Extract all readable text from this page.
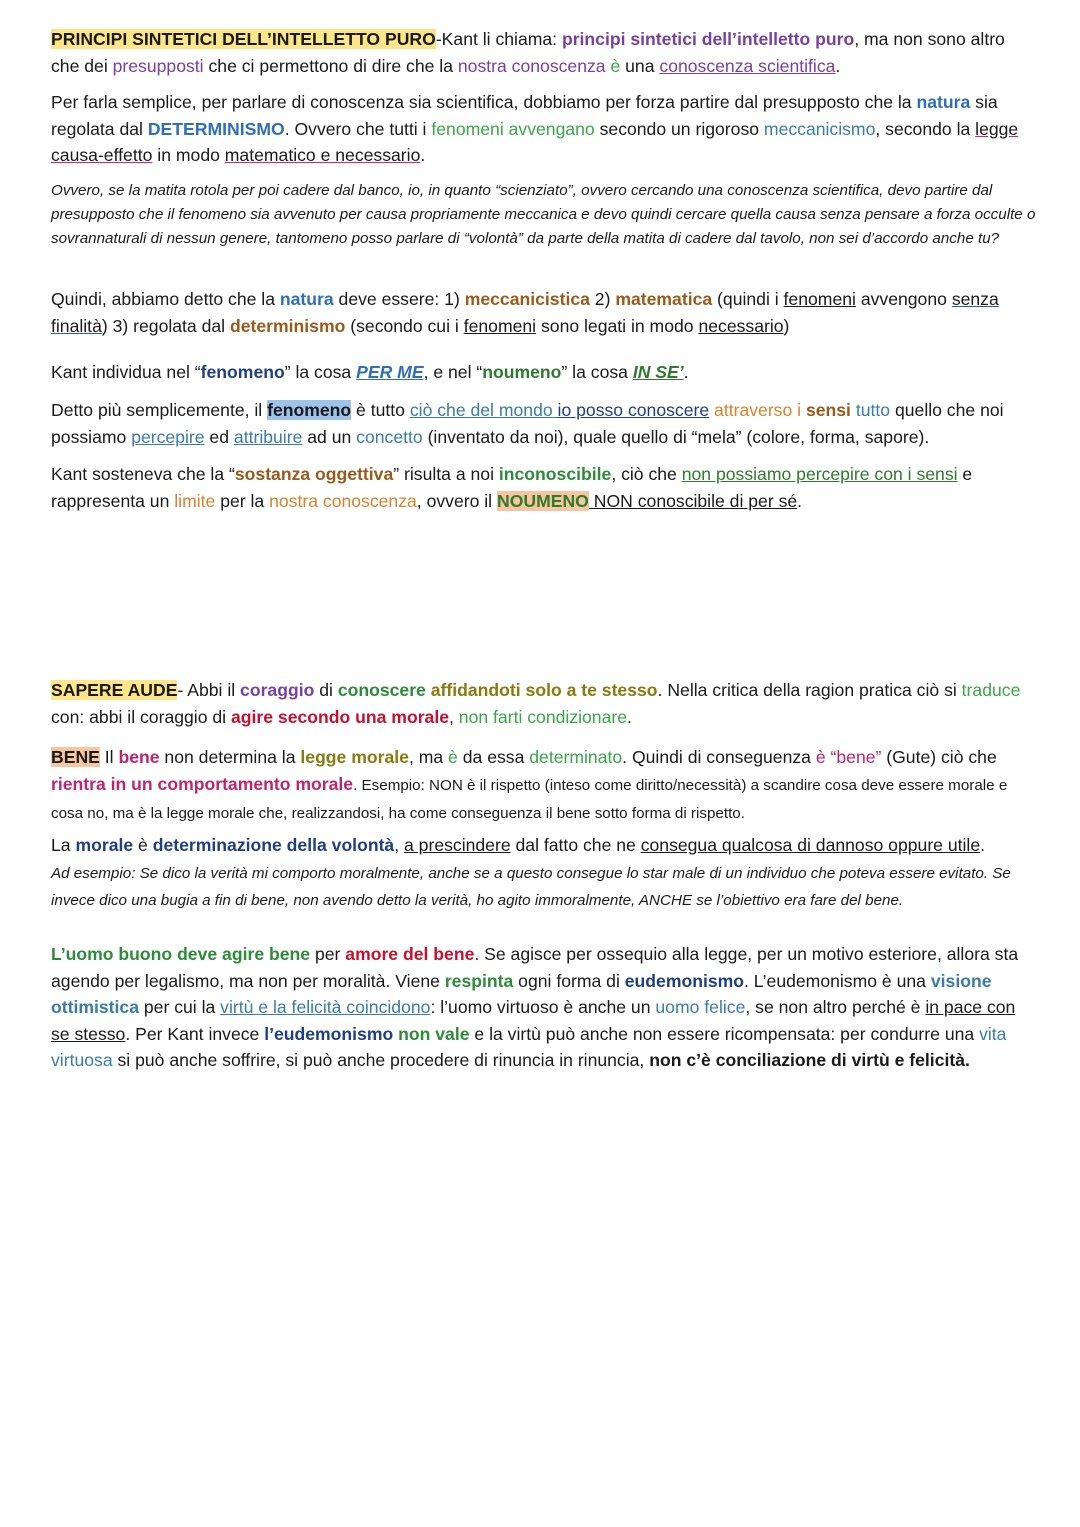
PRINCIPI SINTETICI DELL’INTELLETTO PURO-Kant li chiama: principi sintetici dell’intelletto puro, ma non sono altro che dei presupposti che ci permettono di dire che la nostra conoscenza è una conoscenza scientifica.
Per farla semplice, per parlare di conoscenza sia scientifica, dobbiamo per forza partire dal presupposto che la natura sia regolata dal DETERMINISMO. Ovvero che tutti i fenomeni avvengano secondo un rigoroso meccanicismo, secondo la legge causa-effetto in modo matematico e necessario.
Ovvero, se la matita rotola per poi cadere dal banco, io, in quanto “scienziato”, ovvero cercando una conoscenza scientifica, devo partire dal presupposto che il fenomeno sia avvenuto per causa propriamente meccanica e devo quindi cercare quella causa senza pensare a forza occulte o sovrannaturali di nessun genere, tantomeno posso parlare di “volontà” da parte della matita di cadere dal tavolo, non sei d’accordo anche tu?
Quindi, abbiamo detto che la natura deve essere: 1) meccanicistica 2) matematica (quindi i fenomeni avvengono senza finalità) 3) regolata dal determinismo (secondo cui i fenomeni sono legati in modo necessario)
Kant individua nel “fenomeno” la cosa PER ME, e nel “noumeno” la cosa IN SE’.
Detto più semplicemente, il fenomeno è tutto ciò che del mondo io posso conoscere attraverso i sensi tutto quello che noi possiamo percepire ed attribuire ad un concetto (inventato da noi), quale quello di “mela” (colore, forma, sapore).
Kant sosteneva che la “sostanza oggettiva” risulta a noi inconoscibile, ciò che non possiamo percepire con i sensi e rappresenta un limite per la nostra conoscenza, ovvero il NOUMENO NON conoscibile di per sé.
SAPERE AUDE- Abbi il coraggio di conoscere affidandoti solo a te stesso. Nella critica della ragion pratica ciò si traduce con: abbi il coraggio di agire secondo una morale, non farti condizionare.
BENE Il bene non determina la legge morale, ma è da essa determinato. Quindi di conseguenza è “bene” (Gute) ciò che rientra in un comportamento morale. Esempio: NON è il rispetto (inteso come diritto/necessità) a scandire cosa deve essere morale e cosa no, ma è la legge morale che, realizzandosi, ha come conseguenza il bene sotto forma di rispetto.
La morale è determinazione della volontà, a prescindere dal fatto che ne consegua qualcosa di dannoso oppure utile.
Ad esempio: Se dico la verità mi comporto moralmente, anche se a questo consegue lo star male di un individuo che poteva essere evitato. Se invece dico una bugia a fin di bene, non avendo detto la verità, ho agito immoralmente, ANCHE se l’obiettivo era fare del bene.
L’uomo buono deve agire bene per amore del bene. Se agisce per ossequio alla legge, per un motivo esteriore, allora sta agendo per legalismo, ma non per moralità. Viene respinta ogni forma di eudemonismo. L’eudemonismo è una visione ottimistica per cui la virtù e la felicità coincidono: l’uomo virtuoso è anche un uomo felice, se non altro perché è in pace con se stesso. Per Kant invece l’eudemonismo non vale e la virtù può anche non essere ricompensata: per condurre una vita virtuosa si può anche soffrire, si può anche procedere di rinuncia in rinuncia, non c’è conciliazione di virtù e felicità.
